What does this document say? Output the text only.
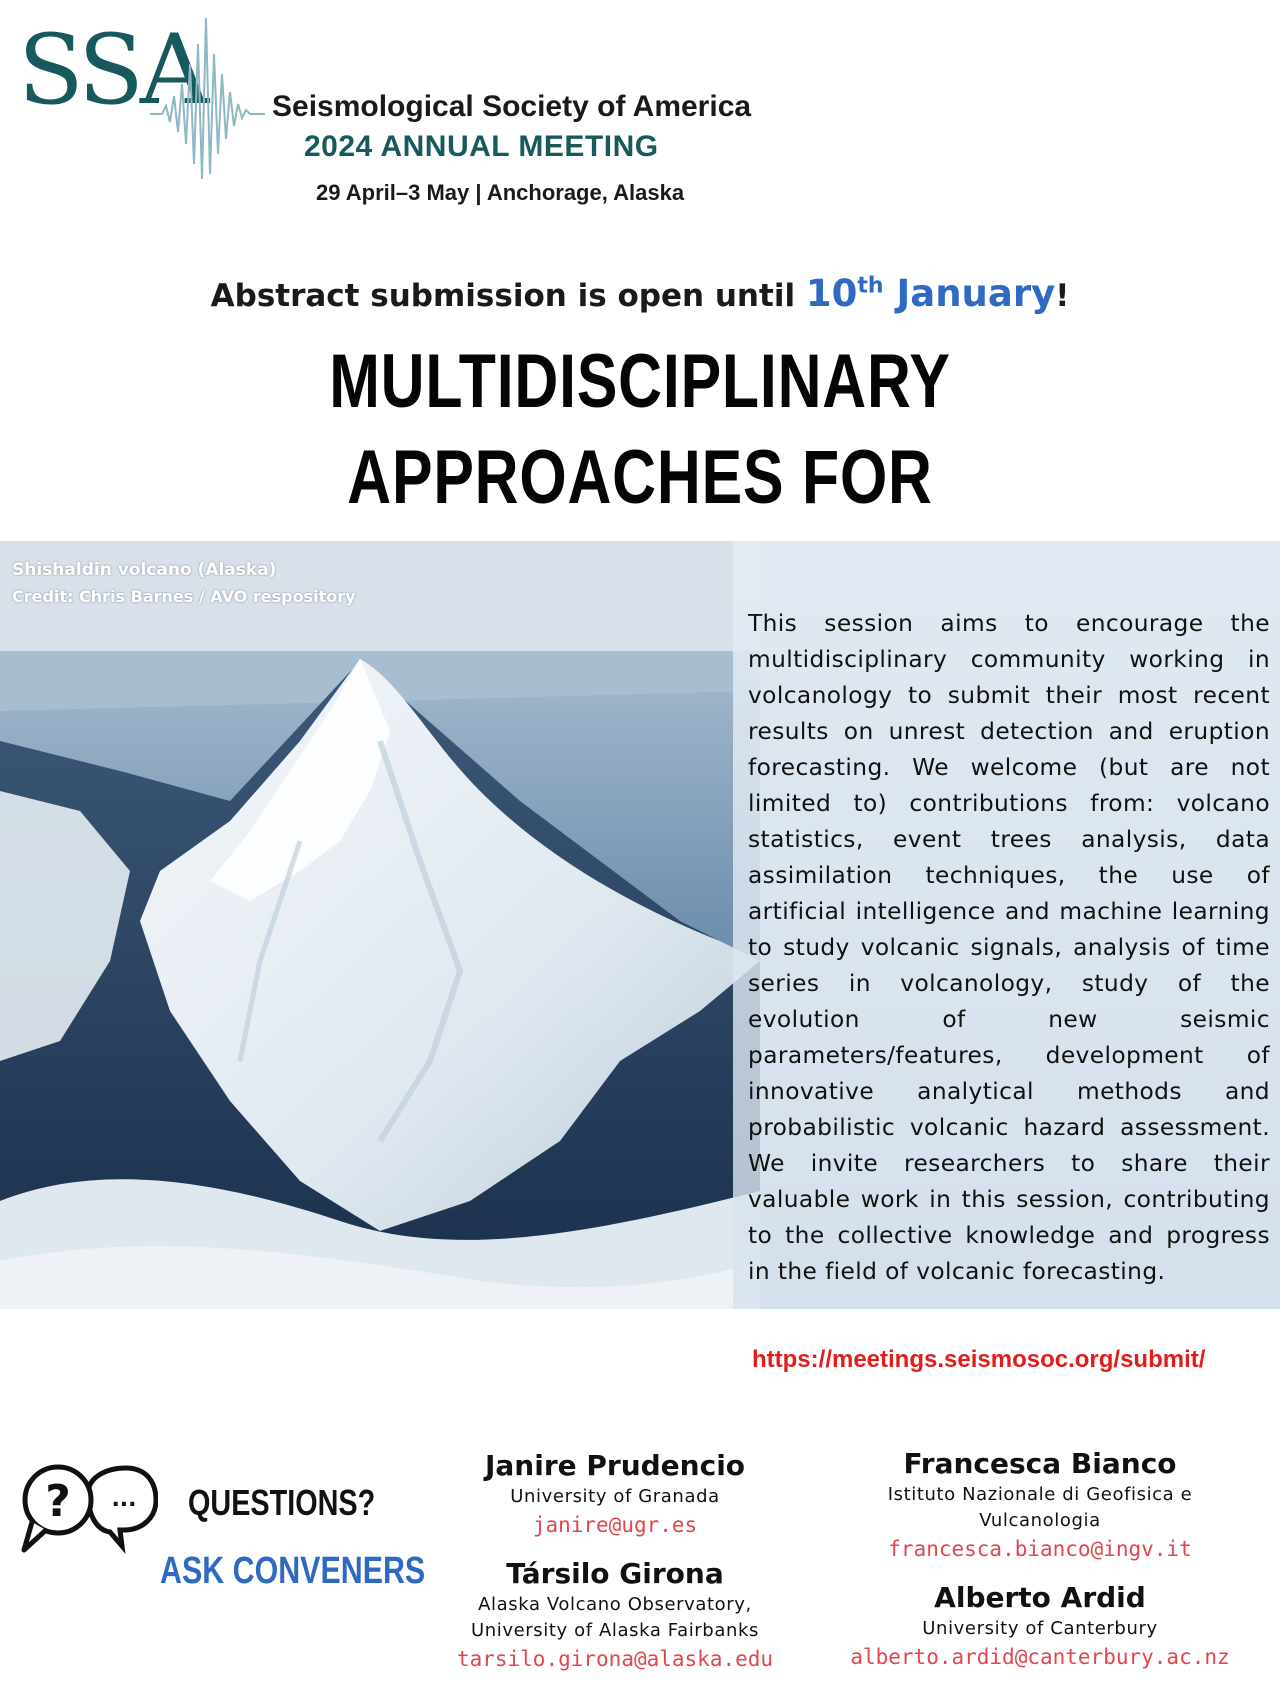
SSA Seismological Society of America
2024 ANNUAL MEETING
29 April–3 May | Anchorage, Alaska
Abstract submission is open until 10th January!
MULTIDISCIPLINARY APPROACHES FOR
Shishaldin volcano (Alaska)
Credit: Chris Barnes / AVO respository
This session aims to encourage the multidisciplinary community working in volcanology to submit their most recent results on unrest detection and eruption forecasting. We welcome (but are not limited to) contributions from: volcano statistics, event trees analysis, data assimilation techniques, the use of artificial intelligence and machine learning to study volcanic signals, analysis of time series in volcanology, study of the evolution of new seismic parameters/features, development of innovative analytical methods and probabilistic volcanic hazard assessment. We invite researchers to share their valuable work in this session, contributing to the collective knowledge and progress in the field of volcanic forecasting.
https://meetings.seismosoc.org/submit/
? ... QUESTIONS?
ASK CONVENERS
Janire Prudencio
University of Granada
janire@ugr.es
Társilo Girona
Alaska Volcano Observatory,
University of Alaska Fairbanks
tarsilo.girona@alaska.edu
Francesca Bianco
Istituto Nazionale di Geofisica e
Vulcanologia
francesca.bianco@ingv.it
Alberto Ardid
University of Canterbury
alberto.ardid@canterbury.ac.nz
